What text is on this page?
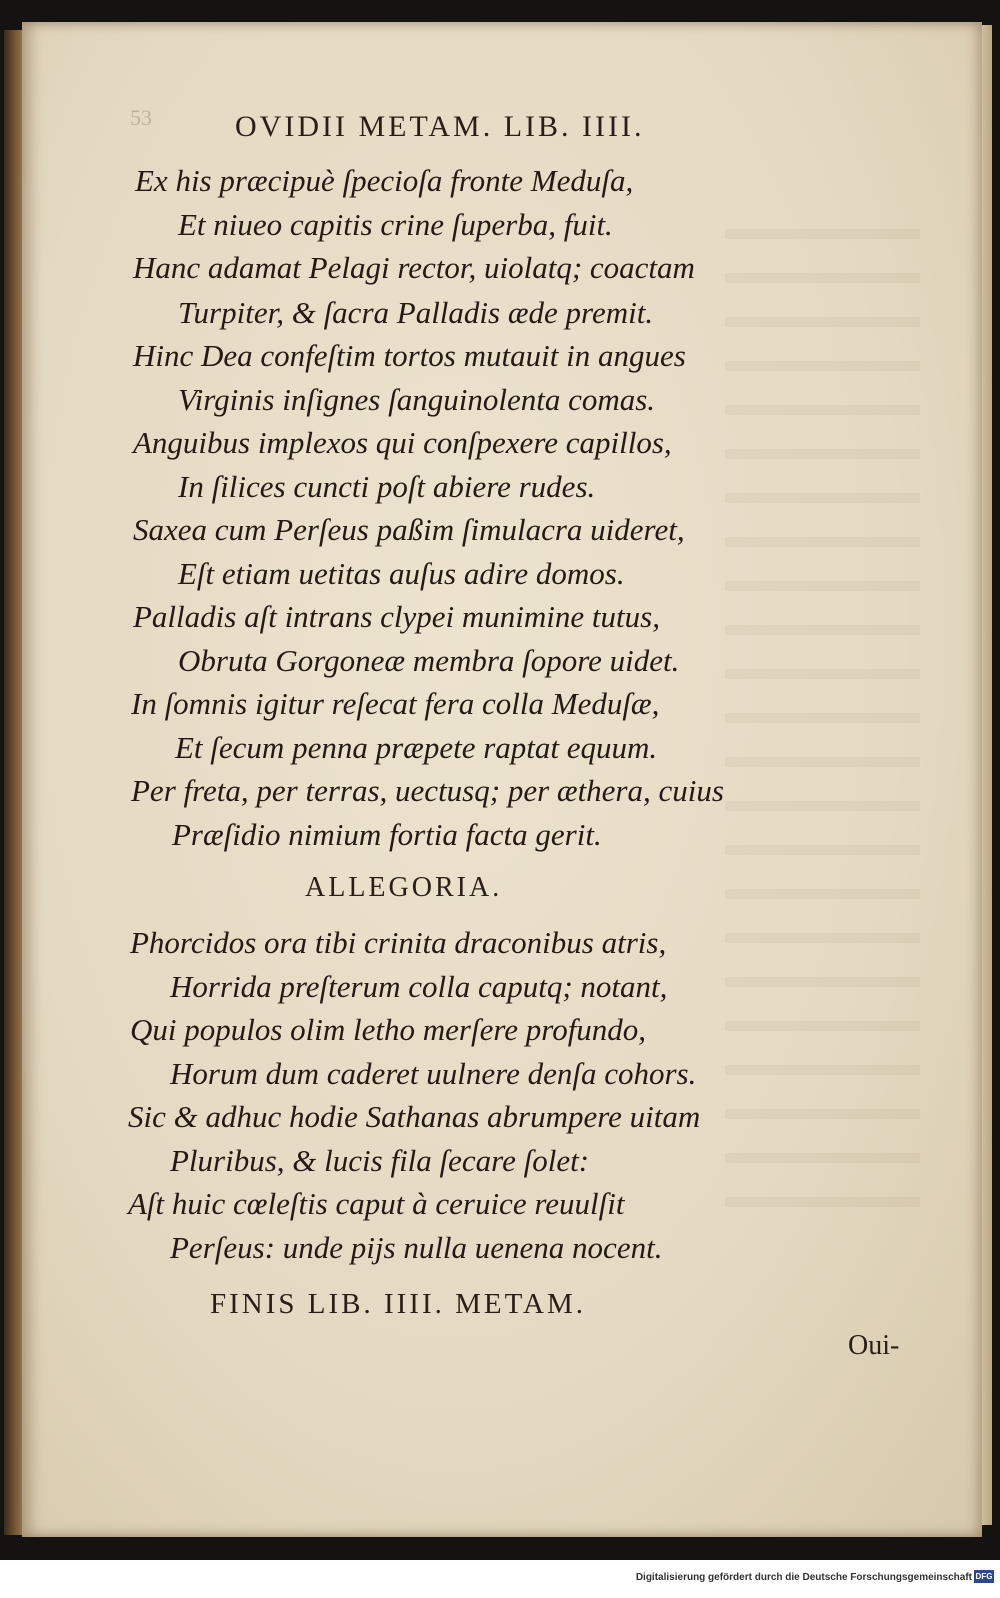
53	OVIDII METAM. LIB. IIII.
Ex his præcipuè ſpecioſa fronte Meduſa,
Et niueo capitis crine ſuperba, fuit.
Hanc adamat Pelagi rector, uiolatq; coactam
Turpiter, & ſacra Palladis æde premit.
Hinc Dea confeſtim tortos mutauit in angues
Virginis inſignes ſanguinolenta comas.
Anguibus implexos qui conſpexere capillos,
In ſilices cuncti poſt abiere rudes.
Saxea cum Perſeus paßim ſimulacra uideret,
Eſt etiam uetitas auſus adire domos.
Palladis aſt intrans clypei munimine tutus,
Obruta Gorgoneæ membra ſopore uidet.
In ſomnis igitur reſecat fera colla Meduſæ,
Et ſecum penna præpete raptat equum.
Per freta, per terras, uectusq; per æthera, cuius
Præſidio nimium fortia facta gerit.
ALLEGORIA.
Phorcidos ora tibi crinita draconibus atris,
Horrida preſterum colla caputq; notant,
Qui populos olim letho merſere profundo,
Horum dum caderet uulnere denſa cohors.
Sic & adhuc hodie Sathanas abrumpere uitam
Pluribus, & lucis fila ſecare ſolet:
Aſt huic cœleſtis caput à ceruice reuulſit
Perſeus: unde pijs nulla uenena nocent.
FINIS LIB. IIII. METAM.
Oui-
Digitalisierung gefördert durch die Deutsche Forschungsgemeinschaft DFG
